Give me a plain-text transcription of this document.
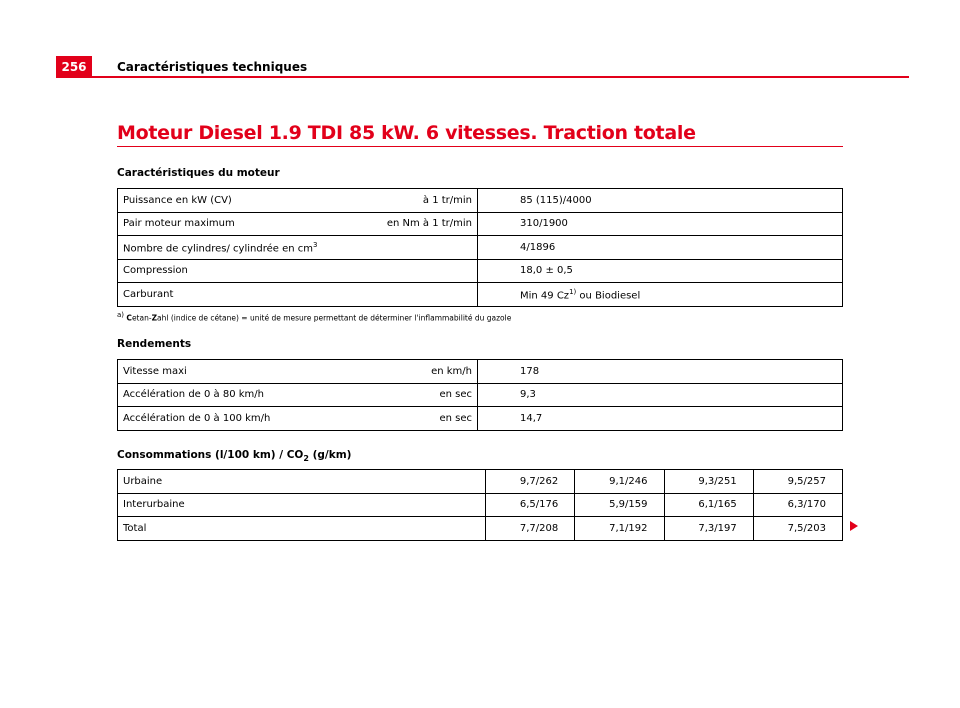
256	Caractéristiques techniques
Moteur Diesel 1.9 TDI 85 kW. 6 vitesses. Traction totale
Caractéristiques du moteur
Puissance en kW (CV) à 1 tr/min	85 (115)/4000

Pair moteur maximum en Nm à 1 tr/min	310/1900

Nombre de cylindres/ cylindrée en $cm^3$	4/1896

Compression	18,0 ± 0,5

Carburant	Min 49 Cz$^{1)}$ ou Biodiesel
$^{a)}$ Cetan-Zahl (indice de cétane) = unité de mesure permettant de déterminer l'inflammabilité du gazole
Rendements
Vitesse maxi en km/h	178

Accélération de 0 à 80 km/h en sec	9,3

Accélération de 0 à 100 km/h en sec	14,7
Consommations (l/100 $km) / CO_2$ (g/km)
Urbaine	9,7/262	9,1/246	9,3/251	9,5/257
Interurbaine	6,5/176	5,9/159	6,1/165	6,3/170
Total	7,7/208	7,1/192	7,3/197	7,5/203
